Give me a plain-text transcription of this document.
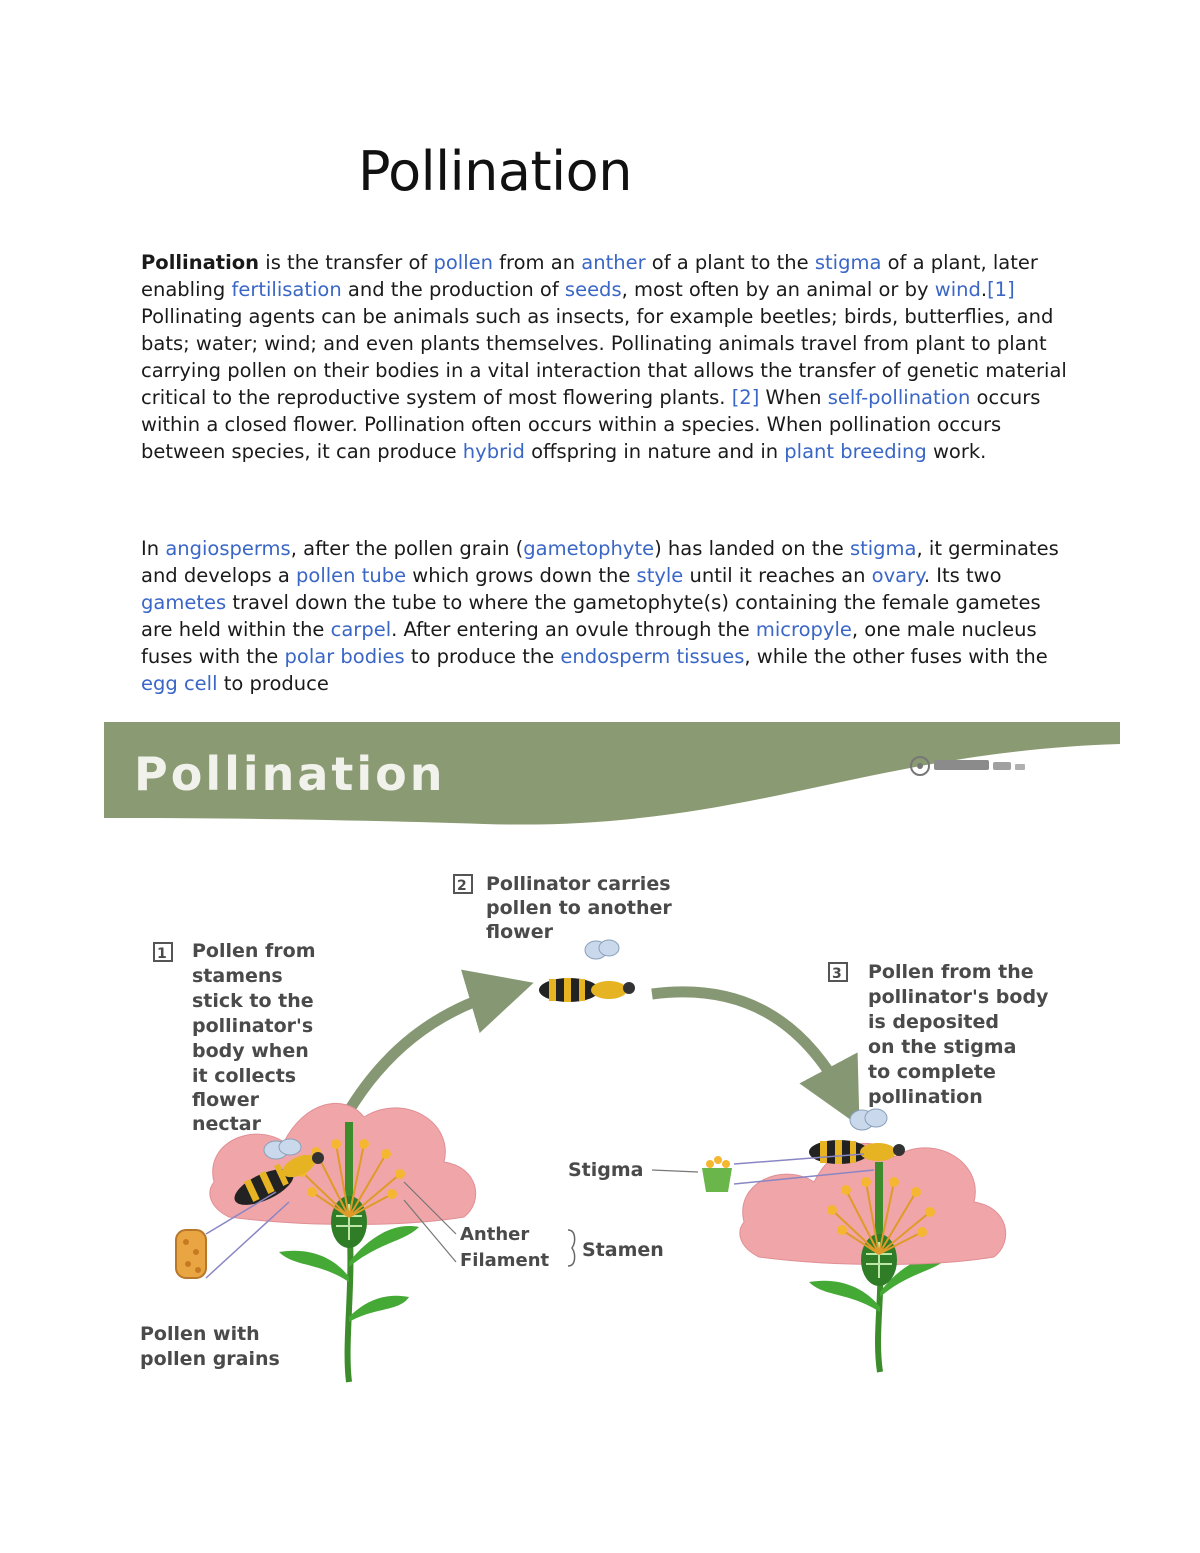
Pollination

Pollination is the transfer of pollen from an anther of a plant to the stigma of a plant, later enabling fertilisation and the production of seeds, most often by an animal or by wind.[1] Pollinating agents can be animals such as insects, for example beetles; birds, butterflies, and bats; water; wind; and even plants themselves. Pollinating animals travel from plant to plant carrying pollen on their bodies in a vital interaction that allows the transfer of genetic material critical to the reproductive system of most flowering plants. [2] When self-pollination occurs within a closed flower. Pollination often occurs within a species. When pollination occurs between species, it can produce hybrid offspring in nature and in plant breeding work.

In angiosperms, after the pollen grain (gametophyte) has landed on the stigma, it germinates and develops a pollen tube which grows down the style until it reaches an ovary. Its two gametes travel down the tube to where the gametophyte(s) containing the female gametes are held within the carpel. After entering an ovule through the micropyle, one male nucleus fuses with the polar bodies to produce the endosperm tissues, while the other fuses with the egg cell to produce

Pollination
2 Pollinator carries
pollen to another
flower
1 Pollen from
stamens
stick to the
pollinator's
body when
it collects
flower
nectar
3 Pollen from the
pollinator's body
is deposited
on the stigma
to complete
pollination
Anther
Filament Stamen
Pollen with
pollen grains
Stigma
